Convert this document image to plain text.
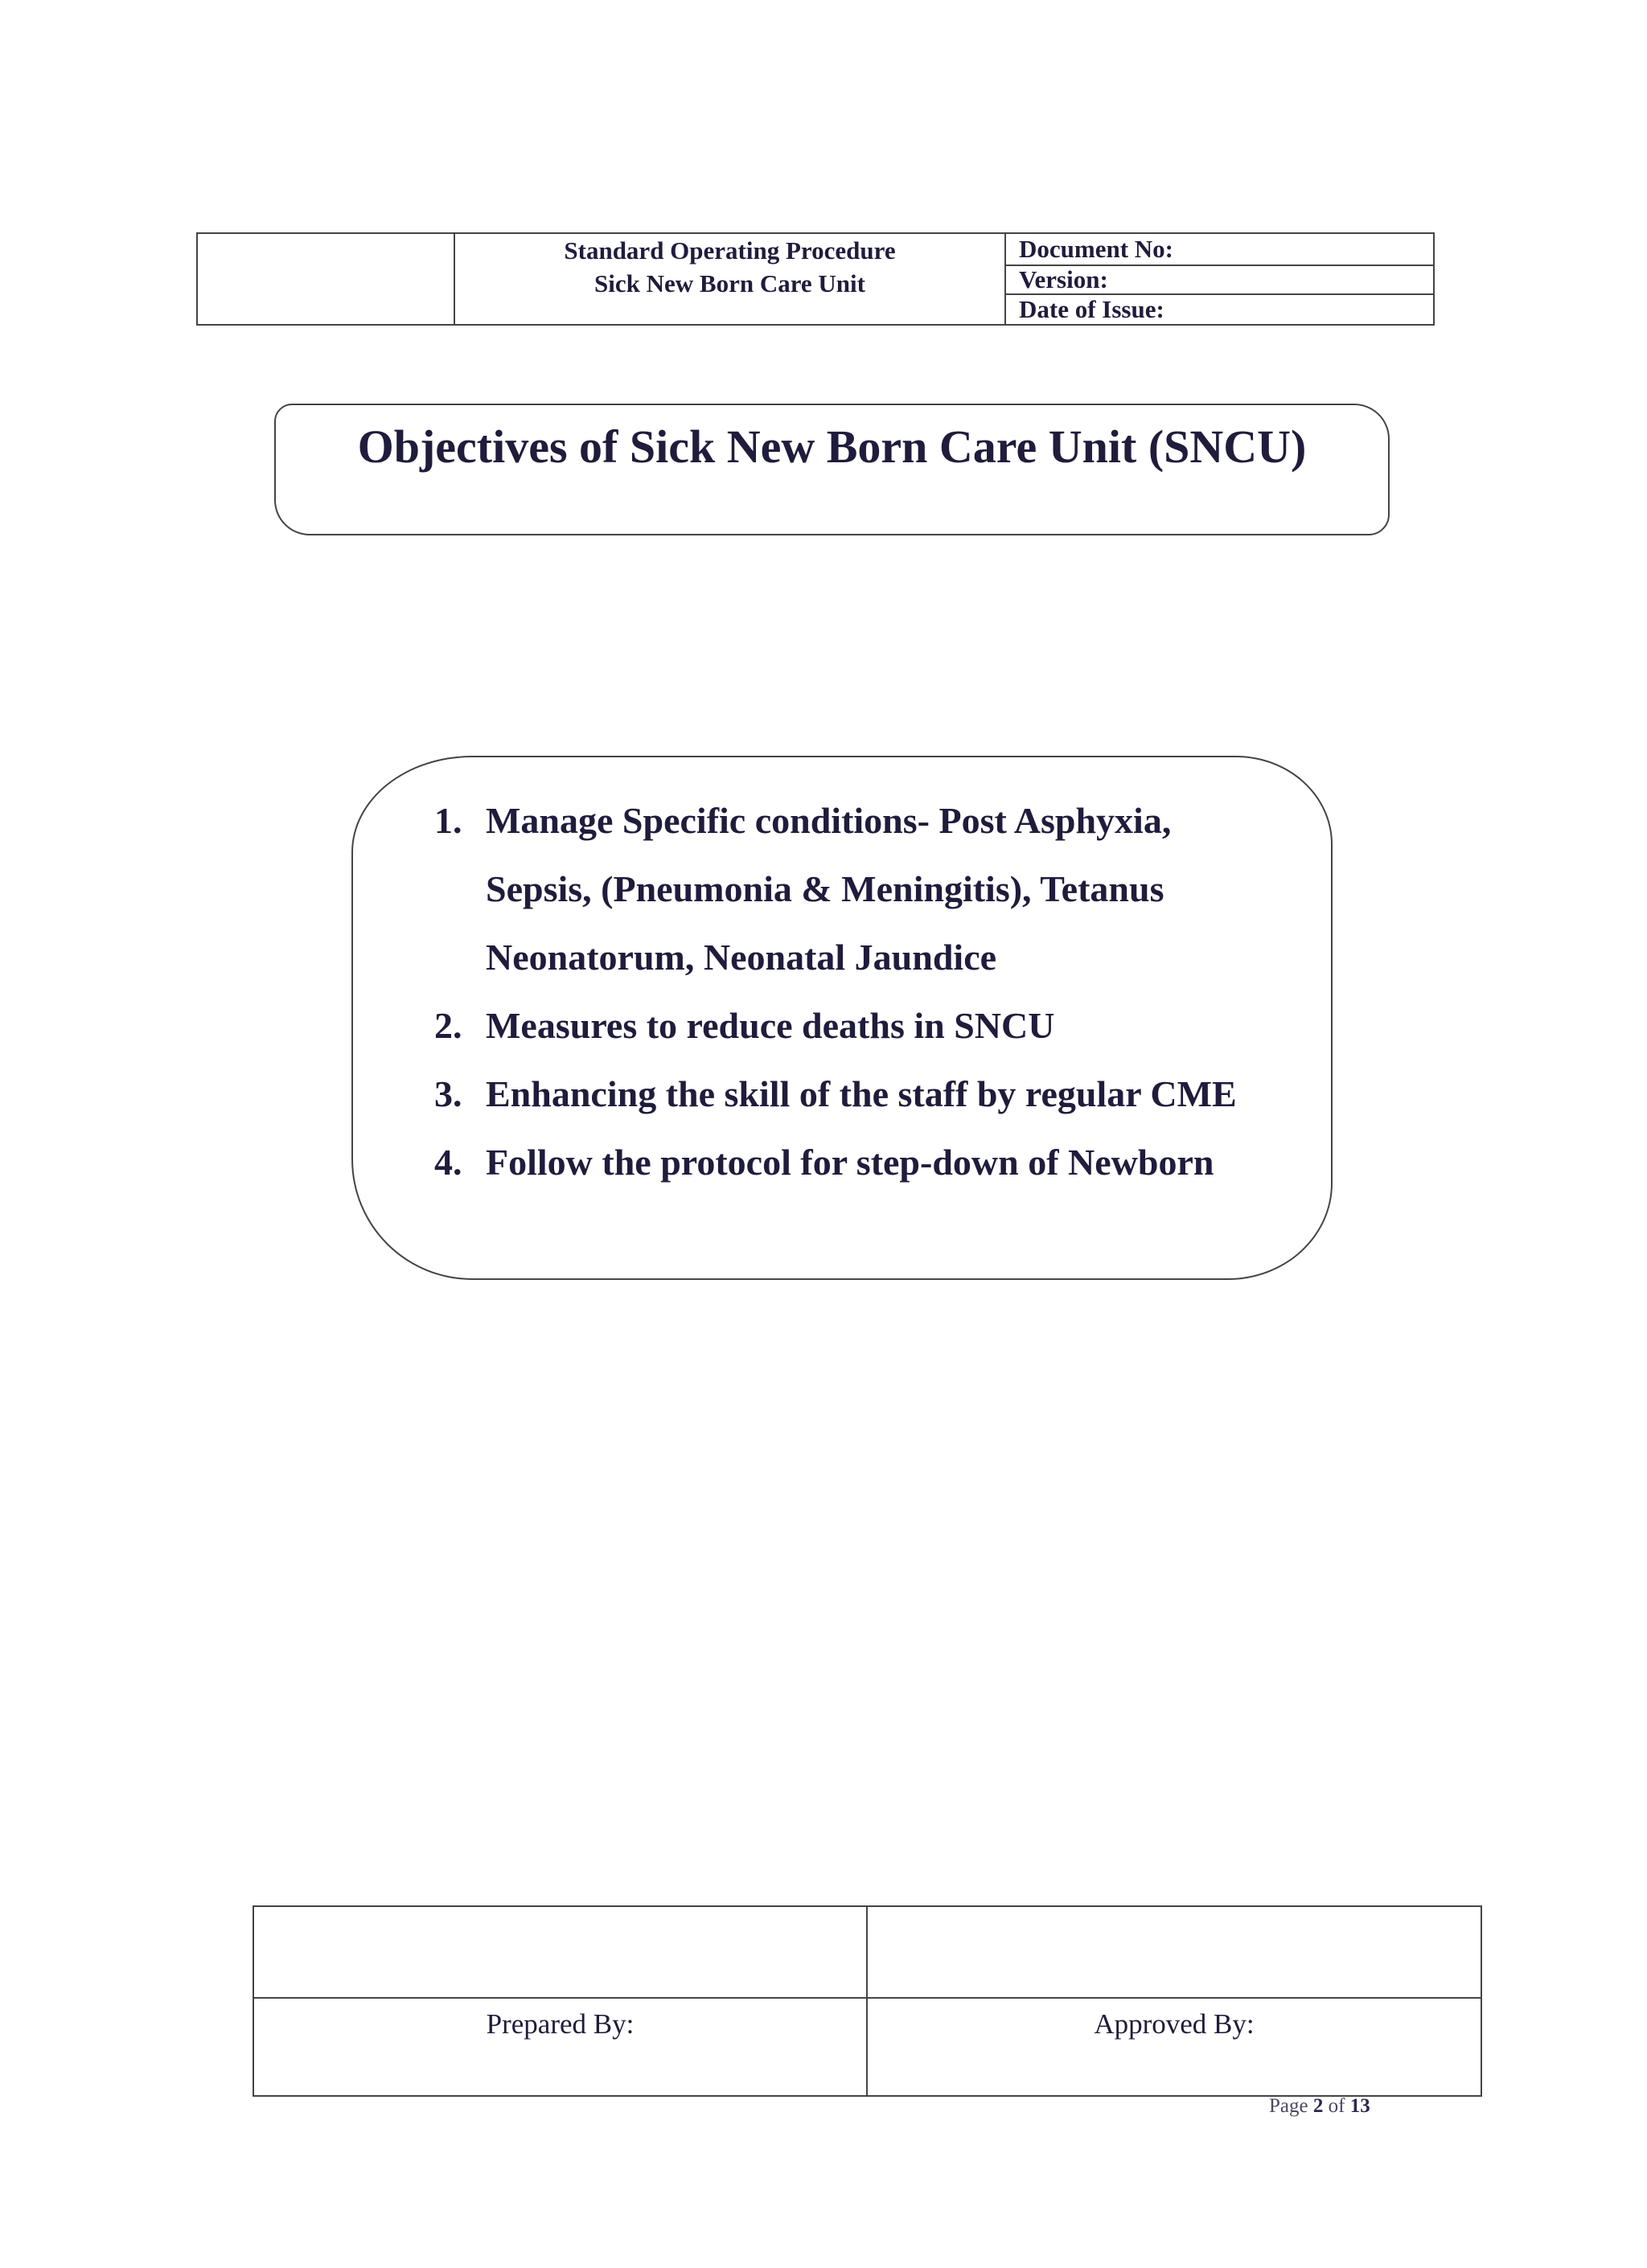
Standard Operating Procedure
Sick New Born Care Unit
	Document No:
Version:
Date of Issue:
Objectives of Sick New Born Care Unit (SNCU)
1. Manage Specific conditions- Post Asphyxia,
Sepsis, (Pneumonia & Meningitis), Tetanus
Neonatorum, Neonatal Jaundice
2. Measures to reduce deaths in SNCU
3. Enhancing the skill of the staff by regular CME
4. Follow the protocol for step-down of Newborn

Prepared By:	Approved By:
Page 2 of 13
